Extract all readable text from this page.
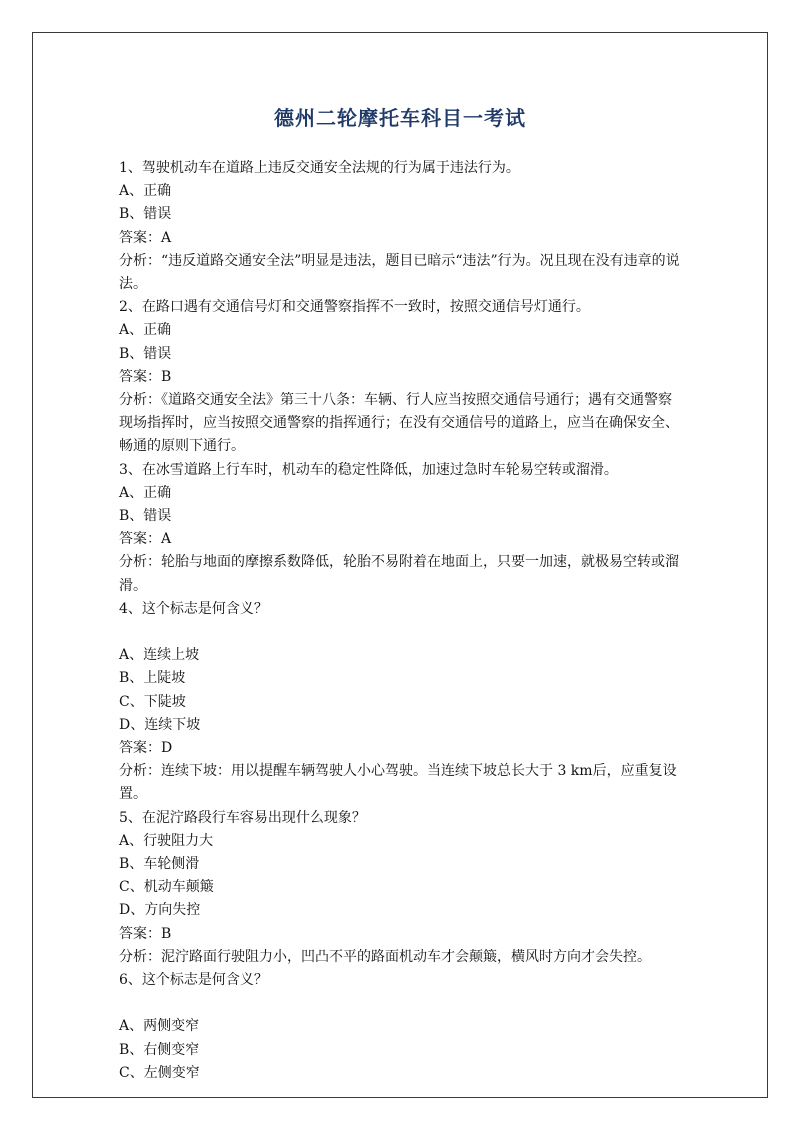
德州二轮摩托车科目一考试
1、驾驶机动车在道路上违反交通安全法规的行为属于违法行为。
A、正确
B、错误
答案：A
分析：“违反道路交通安全法”明显是违法，题目已暗示“违法”行为。况且现在没有违章的说法。
2、在路口遇有交通信号灯和交通警察指挥不一致时，按照交通信号灯通行。
A、正确
B、错误
答案：B
分析：《道路交通安全法》第三十八条：车辆、行人应当按照交通信号通行；遇有交通警察现场指挥时，应当按照交通警察的指挥通行；在没有交通信号的道路上，应当在确保安全、畅通的原则下通行。
3、在冰雪道路上行车时，机动车的稳定性降低，加速过急时车轮易空转或溜滑。
A、正确
B、错误
答案：A
分析：轮胎与地面的摩擦系数降低，轮胎不易附着在地面上，只要一加速，就极易空转或溜滑。
4、这个标志是何含义？
A、连续上坡
B、上陡坡
C、下陡坡
D、连续下坡
答案：D
分析：连续下坡：用以提醒车辆驾驶人小心驾驶。当连续下坡总长大于 3 km后，应重复设置。
5、在泥泞路段行车容易出现什么现象？
A、行驶阻力大
B、车轮侧滑
C、机动车颠簸
D、方向失控
答案：B
分析：泥泞路面行驶阻力小，凹凸不平的路面机动车才会颠簸，横风时方向才会失控。
6、这个标志是何含义？
A、两侧变窄
B、右侧变窄
C、左侧变窄
